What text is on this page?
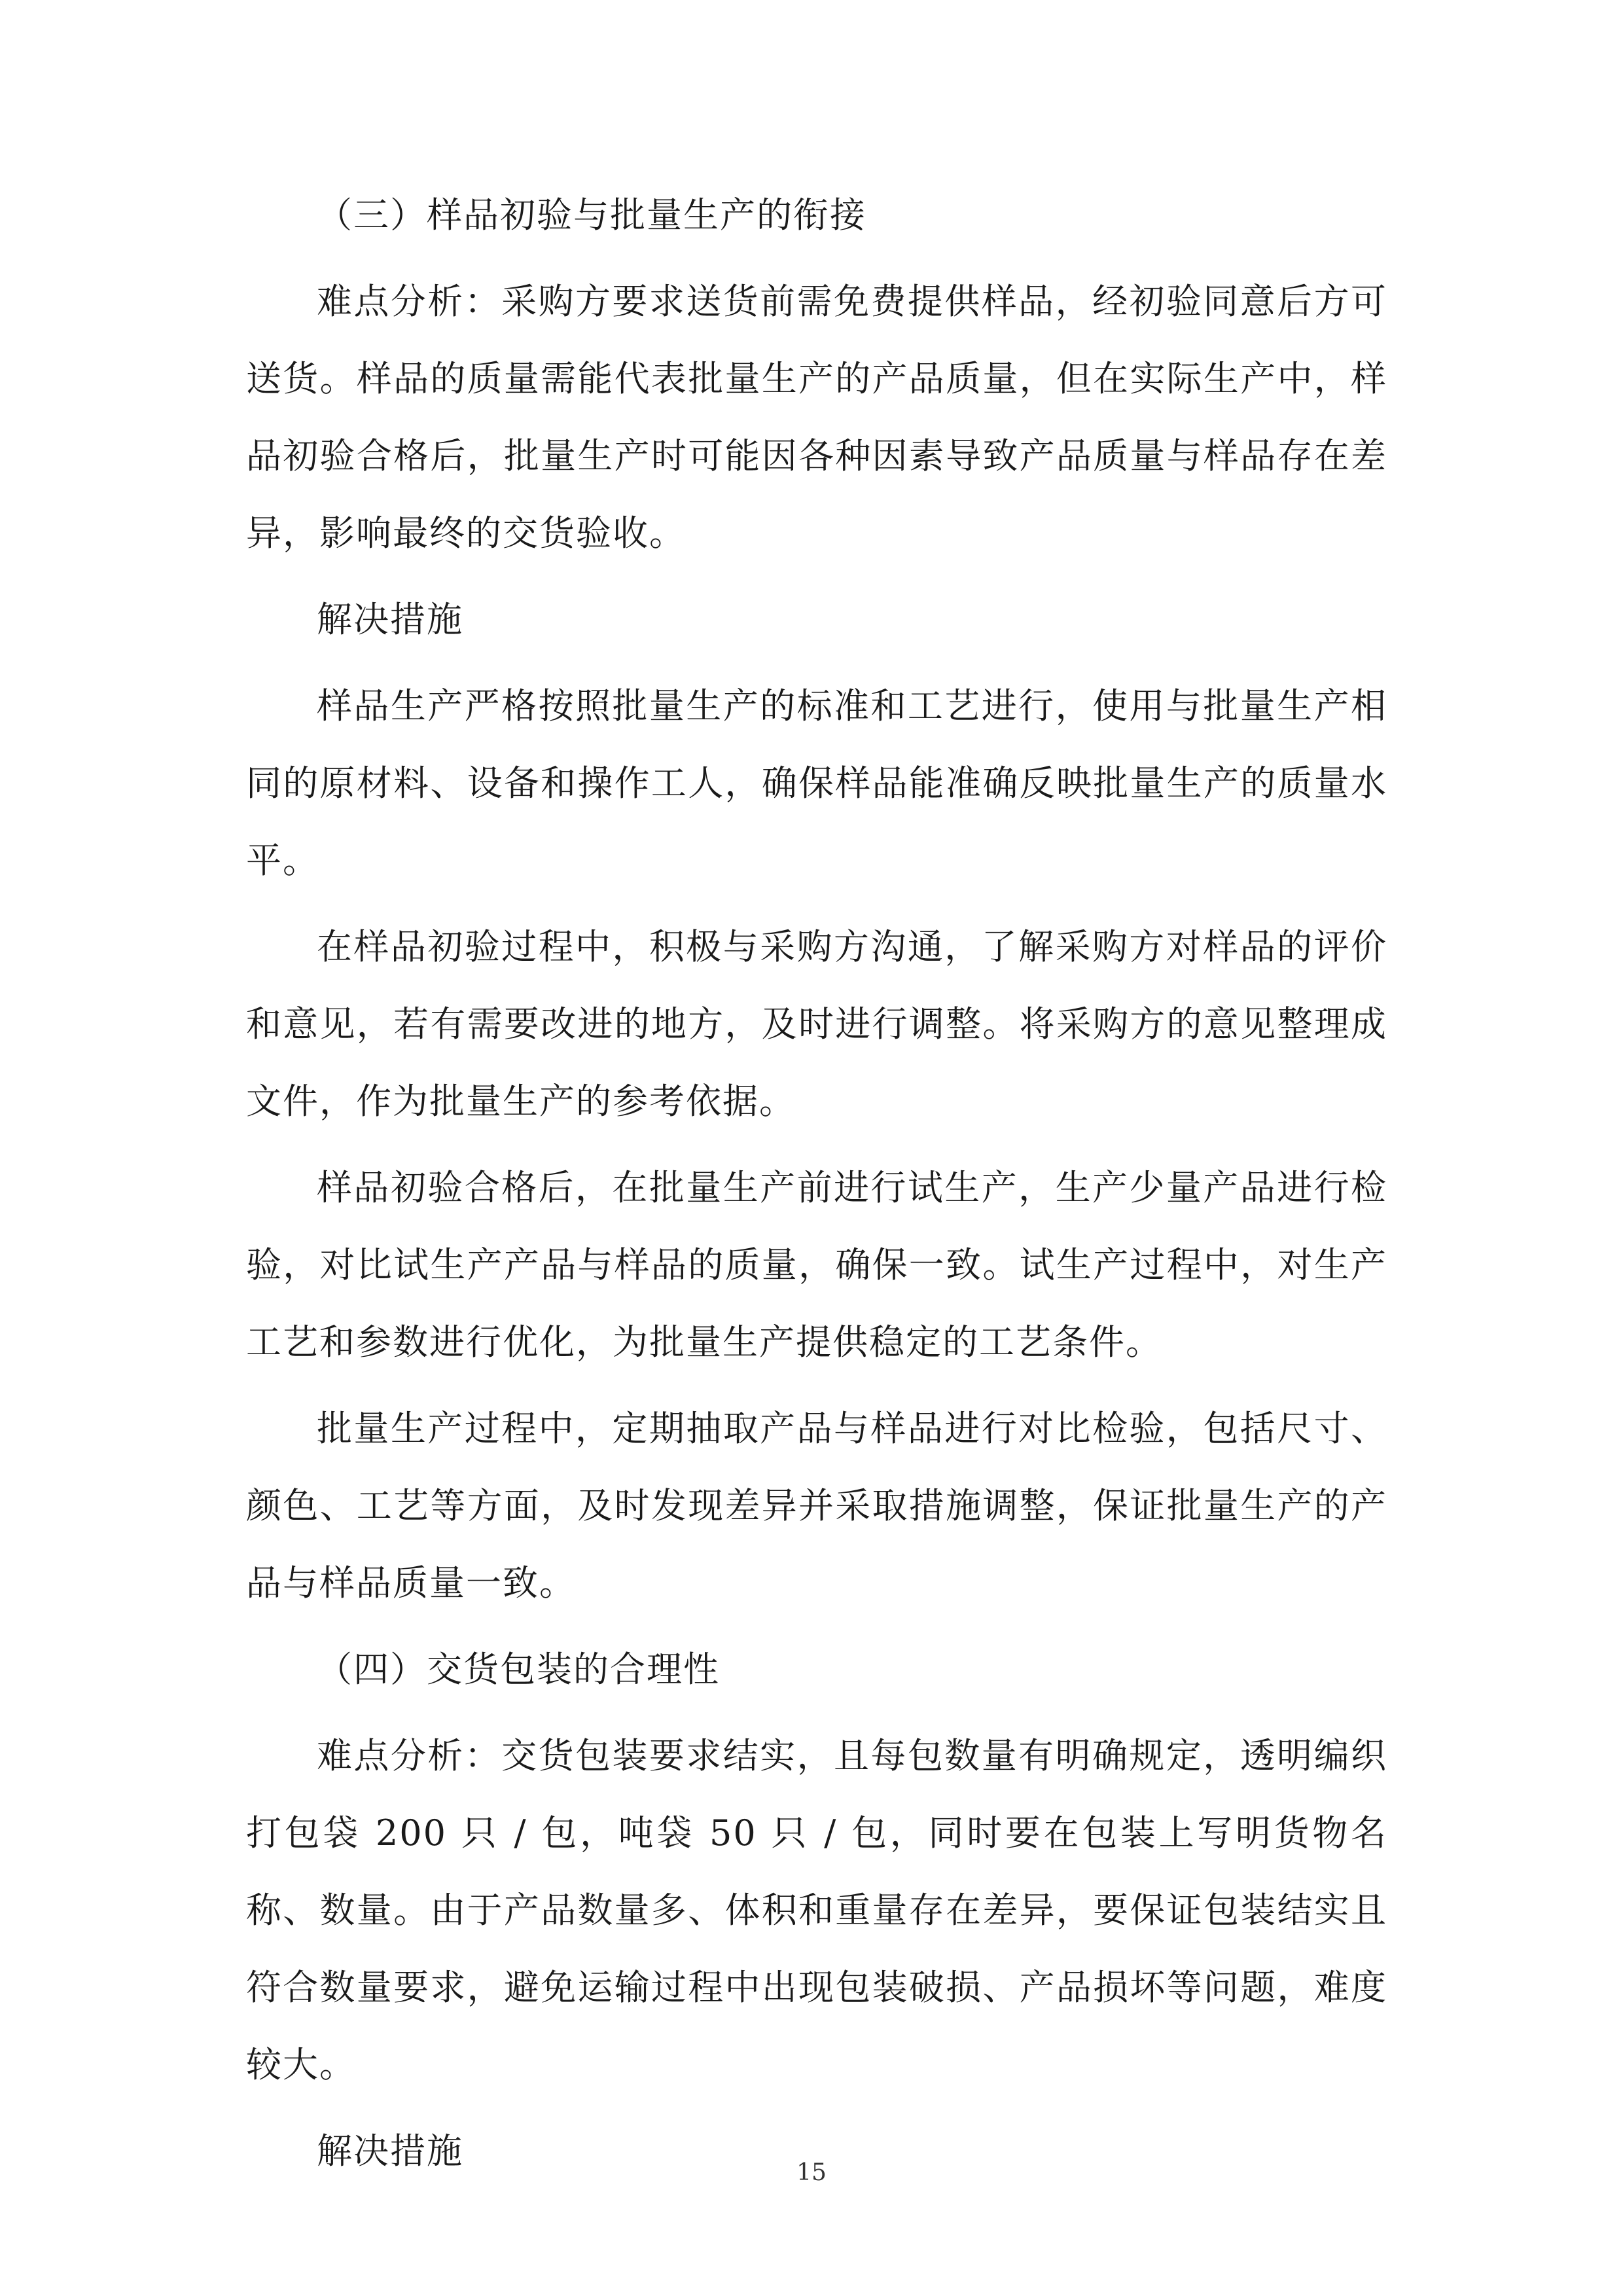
（三）样品初验与批量生产的衔接

难点分析：采购方要求送货前需免费提供样品，经初验同意后方可送货。样品的质量需能代表批量生产的产品质量，但在实际生产中，样品初验合格后，批量生产时可能因各种因素导致产品质量与样品存在差异，影响最终的交货验收。

解决措施

样品生产严格按照批量生产的标准和工艺进行，使用与批量生产相同的原材料、设备和操作工人，确保样品能准确反映批量生产的质量水平。

在样品初验过程中，积极与采购方沟通，了解采购方对样品的评价和意见，若有需要改进的地方，及时进行调整。将采购方的意见整理成文件，作为批量生产的参考依据。

样品初验合格后，在批量生产前进行试生产，生产少量产品进行检验，对比试生产产品与样品的质量，确保一致。试生产过程中，对生产工艺和参数进行优化，为批量生产提供稳定的工艺条件。

批量生产过程中，定期抽取产品与样品进行对比检验，包括尺寸、颜色、工艺等方面，及时发现差异并采取措施调整，保证批量生产的产品与样品质量一致。

（四）交货包装的合理性

难点分析：交货包装要求结实，且每包数量有明确规定，透明编织打包袋 200 只 / 包，吨袋 50 只 / 包，同时要在包装上写明货物名称、数量。由于产品数量多、体积和重量存在差异，要保证包装结实且符合数量要求，避免运输过程中出现包装破损、产品损坏等问题，难度较大。

解决措施

15
